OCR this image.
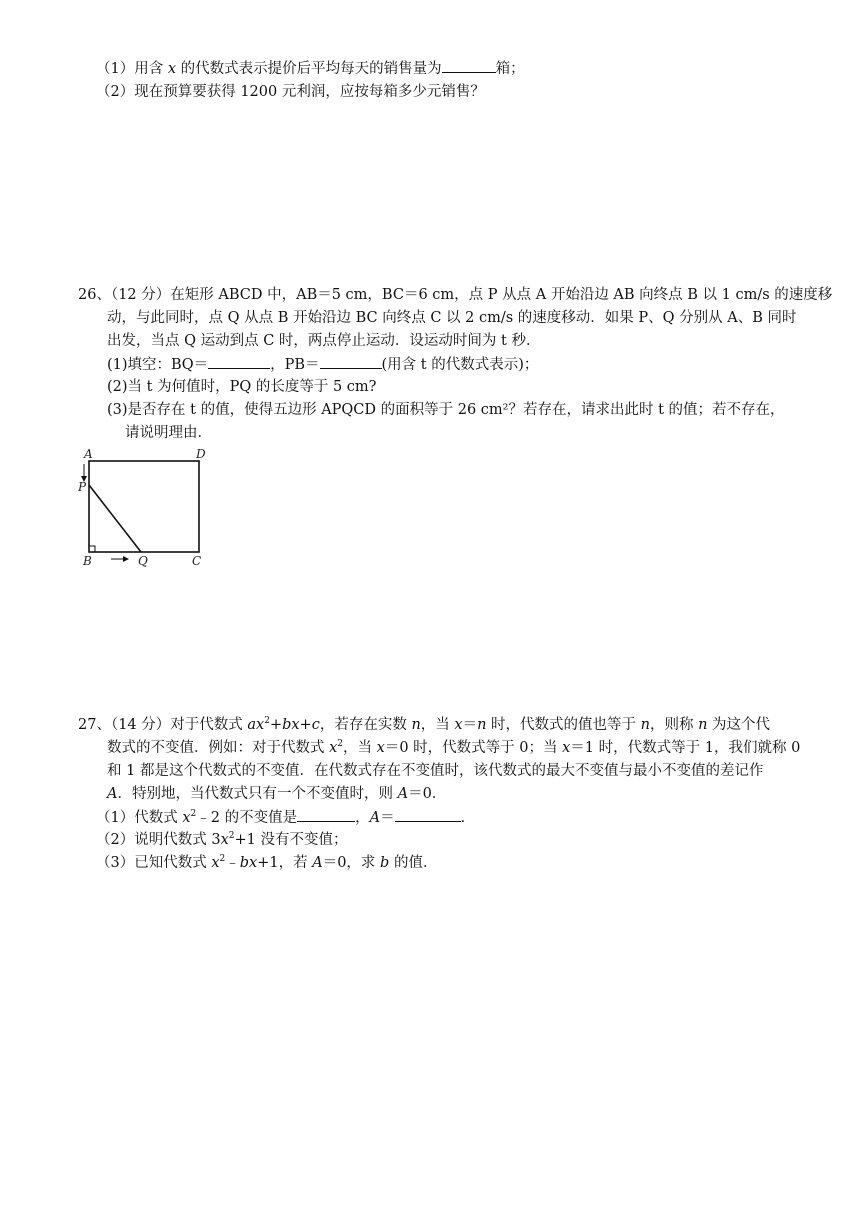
（1）用含 x 的代数式表示提价后平均每天的销售量为	箱；
（2）现在预算要获得 1200 元利润，应按每箱多少元销售？
26、（12 分）在矩形 ABCD 中，AB＝5 cm，BC＝6 cm，点 P 从点 A 开始沿边 AB 向终点 B 以 1 cm/s 的速度移
动，与此同时，点 Q 从点 B 开始沿边 BC 向终点 C 以 2 cm/s 的速度移动．如果 P、Q 分别从 A、B 同时
出发，当点 Q 运动到点 C 时，两点停止运动．设运动时间为 t 秒．
(1)填空：BQ＝	，PB＝	(用含 t 的代数式表示)；
(2)当 t 为何值时，PQ 的长度等于 5 cm?
(3)是否存在 t 的值，使得五边形 APQCD 的面积等于 26 cm²？若存在，请求出此时 t 的值；若不存在，
请说明理由．
A	D
P
B	Q	C
27、（14 分）对于代数式 $ax^2+bx+c$，若存在实数 n，当 x＝n 时，代数式的值也等于 n，则称 n 为这个代
数式的不变值．例如：对于代数式 $x^2$，当 x＝0 时，代数式等于 0；当 x＝1 时，代数式等于 1，我们就称 0
和 1 都是这个代数式的不变值．在代数式存在不变值时，该代数式的最大不变值与最小不变值的差记作
A．特别地，当代数式只有一个不变值时，则 A＝0．
（1）代数式 $x^2﹣2$ 的不变值是	，A＝	．
（2）说明代数式 $3x^2+1$ 没有不变值；
（3）已知代数式 $x^2﹣bx+1$，若 A＝0，求 b 的值．
